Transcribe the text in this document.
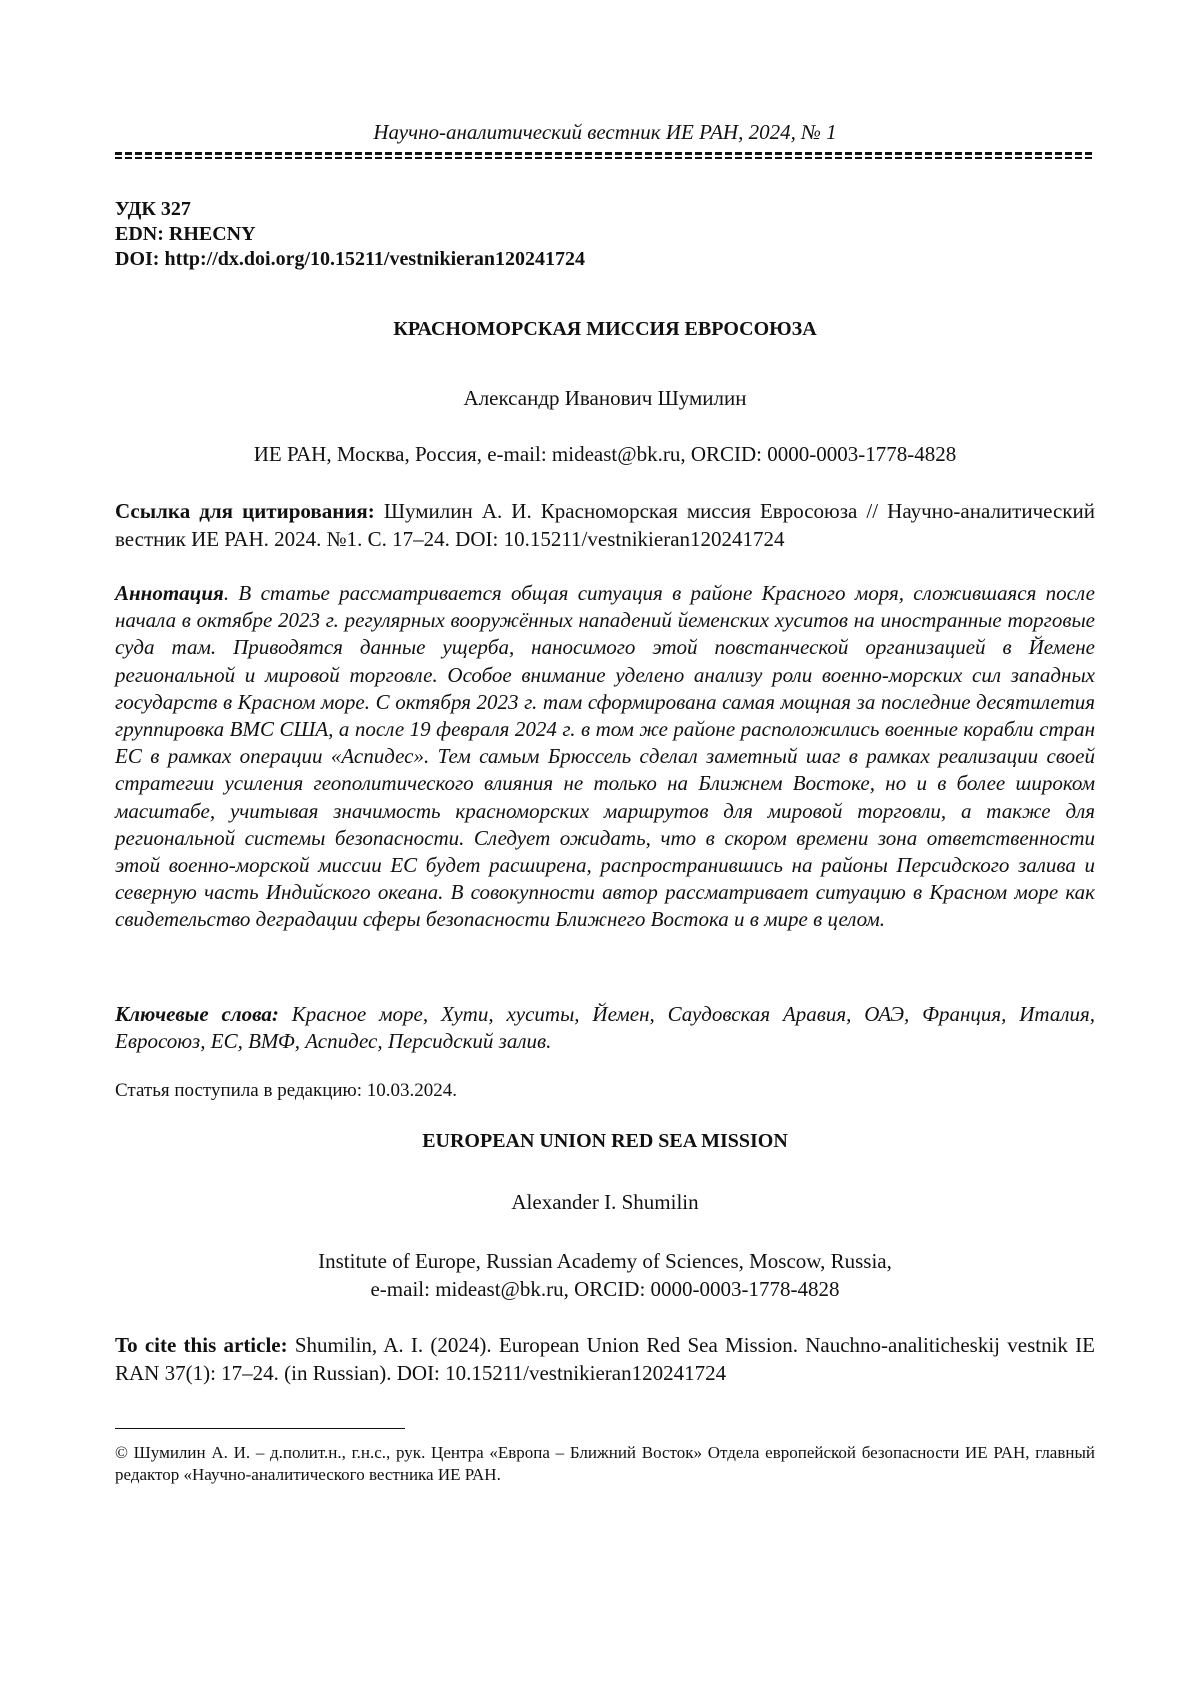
Научно-аналитический вестник ИЕ РАН, 2024, № 1
УДК 327
EDN: RHECNY
DOI: http://dx.doi.org/10.15211/vestnikieran120241724
КРАСНОМОРСКАЯ МИССИЯ ЕВРОСОЮЗА
Александр Иванович Шумилин
ИЕ РАН, Москва, Россия, e-mail: mideast@bk.ru, ORCID: 0000-0003-1778-4828
Ссылка для цитирования: Шумилин А. И. Красноморская миссия Евросоюза // Научно-аналитический вестник ИЕ РАН. 2024. №1. С. 17–24. DOI: 10.15211/vestnikieran120241724
Аннотация. В статье рассматривается общая ситуация в районе Красного моря, сложившаяся после начала в октябре 2023 г. регулярных вооружённых нападений йеменских хуситов на иностранные торговые суда там. Приводятся данные ущерба, наносимого этой повстанческой организацией в Йемене региональной и мировой торговле. Особое внимание уделено анализу роли военно-морских сил западных государств в Красном море. С октября 2023 г. там сформирована самая мощная за последние десятилетия группировка ВМС США, а после 19 февраля 2024 г. в том же районе расположились военные корабли стран ЕС в рамках операции «Аспидес». Тем самым Брюссель сделал заметный шаг в рамках реализации своей стратегии усиления геополитического влияния не только на Ближнем Востоке, но и в более широком масштабе, учитывая значимость красноморских маршрутов для мировой торговли, а также для региональной системы безопасности. Следует ожидать, что в скором времени зона ответственности этой военно-морской миссии ЕС будет расширена, распространившись на районы Персидского залива и северную часть Индийского океана. В совокупности автор рассматривает ситуацию в Красном море как свидетельство деградации сферы безопасности Ближнего Востока и в мире в целом.
Ключевые слова: Красное море, Хути, хуситы, Йемен, Саудовская Аравия, ОАЭ, Франция, Италия, Евросоюз, ЕС, ВМФ, Аспидес, Персидский залив.
Статья поступила в редакцию: 10.03.2024.
EUROPEAN UNION RED SEA MISSION
Alexander I. Shumilin
Institute of Europe, Russian Academy of Sciences, Moscow, Russia,
e-mail: mideast@bk.ru, ORCID: 0000-0003-1778-4828
To cite this article: Shumilin, A. I. (2024). European Union Red Sea Mission. Nauchno-analiticheskij vestnik IE RAN 37(1): 17–24. (in Russian). DOI: 10.15211/vestnikieran120241724
© Шумилин А. И. – д.полит.н., г.н.с., рук. Центра «Европа – Ближний Восток» Отдела европейской безопасности ИЕ РАН, главный редактор «Научно-аналитического вестника ИЕ РАН.
